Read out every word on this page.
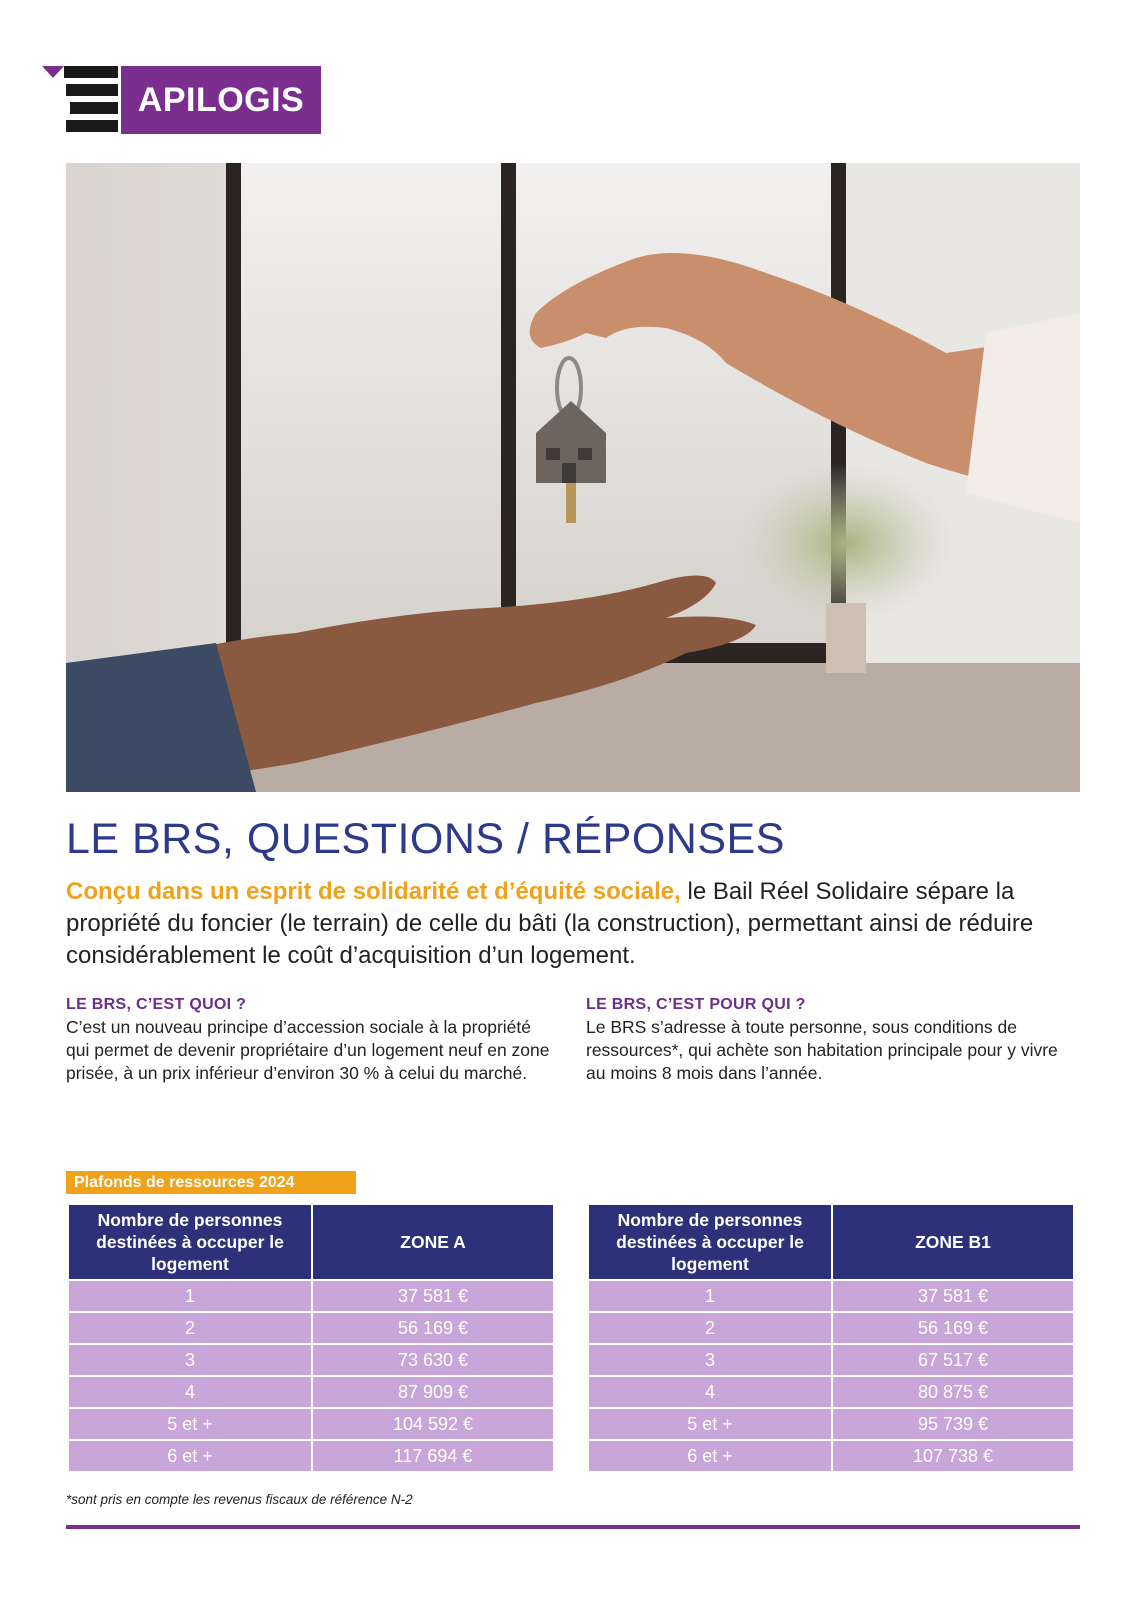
APILOGIS
LE BRS, QUESTIONS / RÉPONSES
Conçu dans un esprit de solidarité et d’équité sociale, le Bail Réel Solidaire sépare la propriété du foncier (le terrain) de celle du bâti (la construction), permettant ainsi de réduire considérablement le coût d’acquisition d’un logement.
LE BRS, C’EST QUOI ?

C’est un nouveau principe d’accession sociale à la propriété qui permet de devenir propriétaire d’un logement neuf en zone prisée, à un prix inférieur d’environ 30 % à celui du marché.

LE BRS, C’EST POUR QUI ?

Le BRS s’adresse à toute personne, sous conditions de ressources*, qui achète son habitation principale pour y vivre au moins 8 mois dans l’année.

Plafonds de ressources 2024
Nombre de personnes destinées à occuper le logement	ZONE A
1	37 581 €
2	56 169 €
3	73 630 €
4	87 909 €
5 et +	104 592 €
6 et +	117 694 €
Nombre de personnes destinées à occuper le logement	ZONE B1
1	37 581 €
2	56 169 €
3	67 517 €
4	80 875 €
5 et +	95 739 €
6 et +	107 738 €
*sont pris en compte les revenus fiscaux de référence N-2
